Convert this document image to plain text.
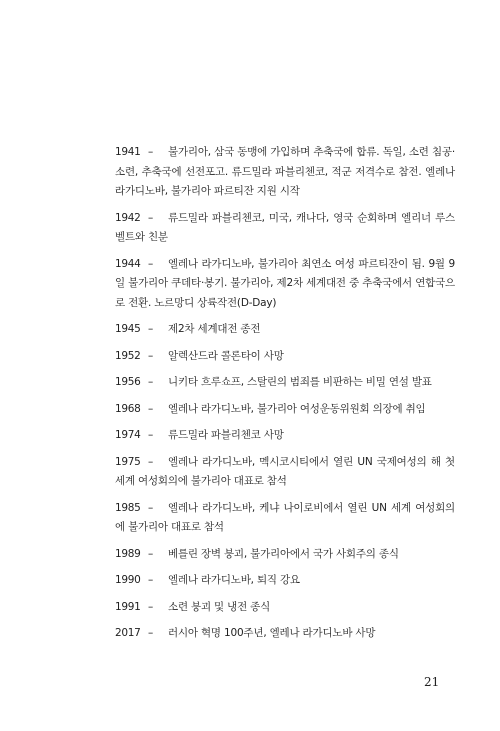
1941 –	불가리아, 삼국 동맹에 가입하며 추축국에 합류. 독일, 소련 침공·소련, 추축국에 선전포고. 류드밀라 파블리첸코, 적군 저격수로 참전. 엘레나 라가디노바, 불가리아 파르티잔 지원 시작
1942 –	류드밀라 파블리첸코, 미국, 캐나다, 영국 순회하며 엘리너 루스벨트와 친분
1944 –	엘레나 라가디노바, 불가리아 최연소 여성 파르티잔이 됨. 9월 9일 불가리아 쿠데타·봉기. 불가리아, 제2차 세계대전 중 추축국에서 연합국으로 전환. 노르망디 상륙작전(D-Day)
1945 –	제2차 세계대전 종전
1952 –	알렉산드라 콜론타이 사망
1956 –	니키타 흐루쇼프, 스탈린의 범죄를 비판하는 비밀 연설 발표
1968 –	엘레나 라가디노바, 불가리아 여성운동위원회 의장에 취임
1974 –	류드밀라 파블리첸코 사망
1975 –	엘레나 라가디노바, 멕시코시티에서 열린 UN 국제여성의 해 첫 세계 여성회의에 불가리아 대표로 참석
1985 –	엘레나 라가디노바, 케냐 나이로비에서 열린 UN 세계 여성회의에 불가리아 대표로 참석
1989 –	베를린 장벽 붕괴, 불가리아에서 국가 사회주의 종식
1990 –	엘레나 라가디노바, 퇴직 강요
1991 –	소련 붕괴 및 냉전 종식
2017 –	러시아 혁명 100주년, 엘레나 라가디노바 사망
21
